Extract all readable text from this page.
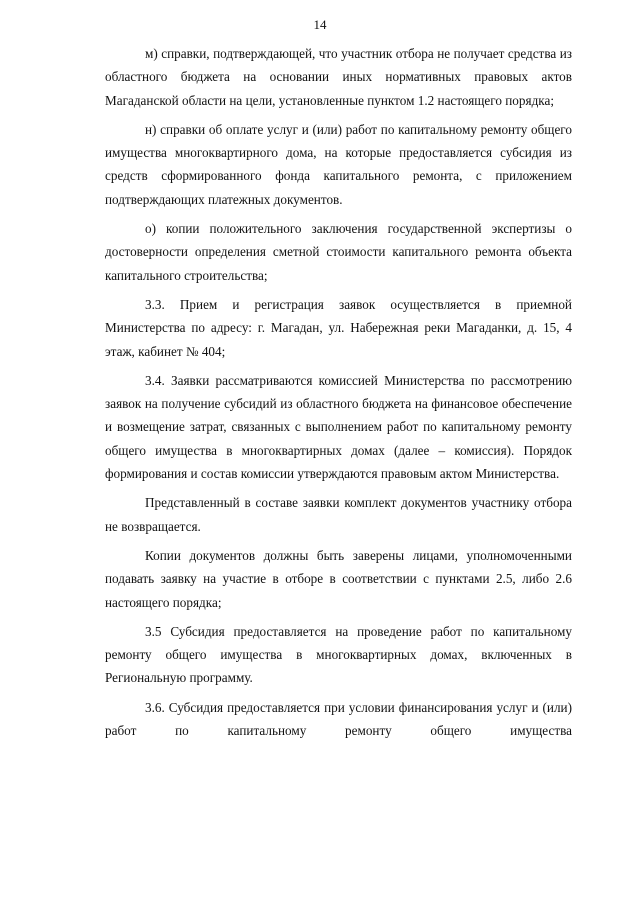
14

м) справки, подтверждающей, что участник отбора не получает средства из областного бюджета на основании иных нормативных правовых актов Магаданской области на цели, установленные пунктом 1.2 настоящего порядка;

н) справки об оплате услуг и (или) работ по капитальному ремонту общего имущества многоквартирного дома, на которые предоставляется субсидия из средств сформированного фонда капитального ремонта, с приложением подтверждающих платежных документов.

о) копии положительного заключения государственной экспертизы о достоверности определения сметной стоимости капитального ремонта объекта капитального строительства;

3.3. Прием и регистрация заявок осуществляется в приемной Министерства по адресу: г. Магадан, ул. Набережная реки Магаданки, д. 15, 4 этаж, кабинет № 404;

3.4. Заявки рассматриваются комиссией Министерства по рассмотрению заявок на получение субсидий из областного бюджета на финансовое обеспечение и возмещение затрат, связанных с выполнением работ по капитальному ремонту общего имущества в многоквартирных домах (далее – комиссия). Порядок формирования и состав комиссии утверждаются правовым актом Министерства.

Представленный в составе заявки комплект документов участнику отбора не возвращается.

Копии документов должны быть заверены лицами, уполномоченными подавать заявку на участие в отборе в соответствии с пунктами 2.5, либо 2.6 настоящего порядка;

3.5 Субсидия предоставляется на проведение работ по капитальному ремонту общего имущества в многоквартирных домах, включенных в Региональную программу.

3.6. Субсидия предоставляется при условии финансирования услуг и (или) работ по капитальному ремонту общего имущества
